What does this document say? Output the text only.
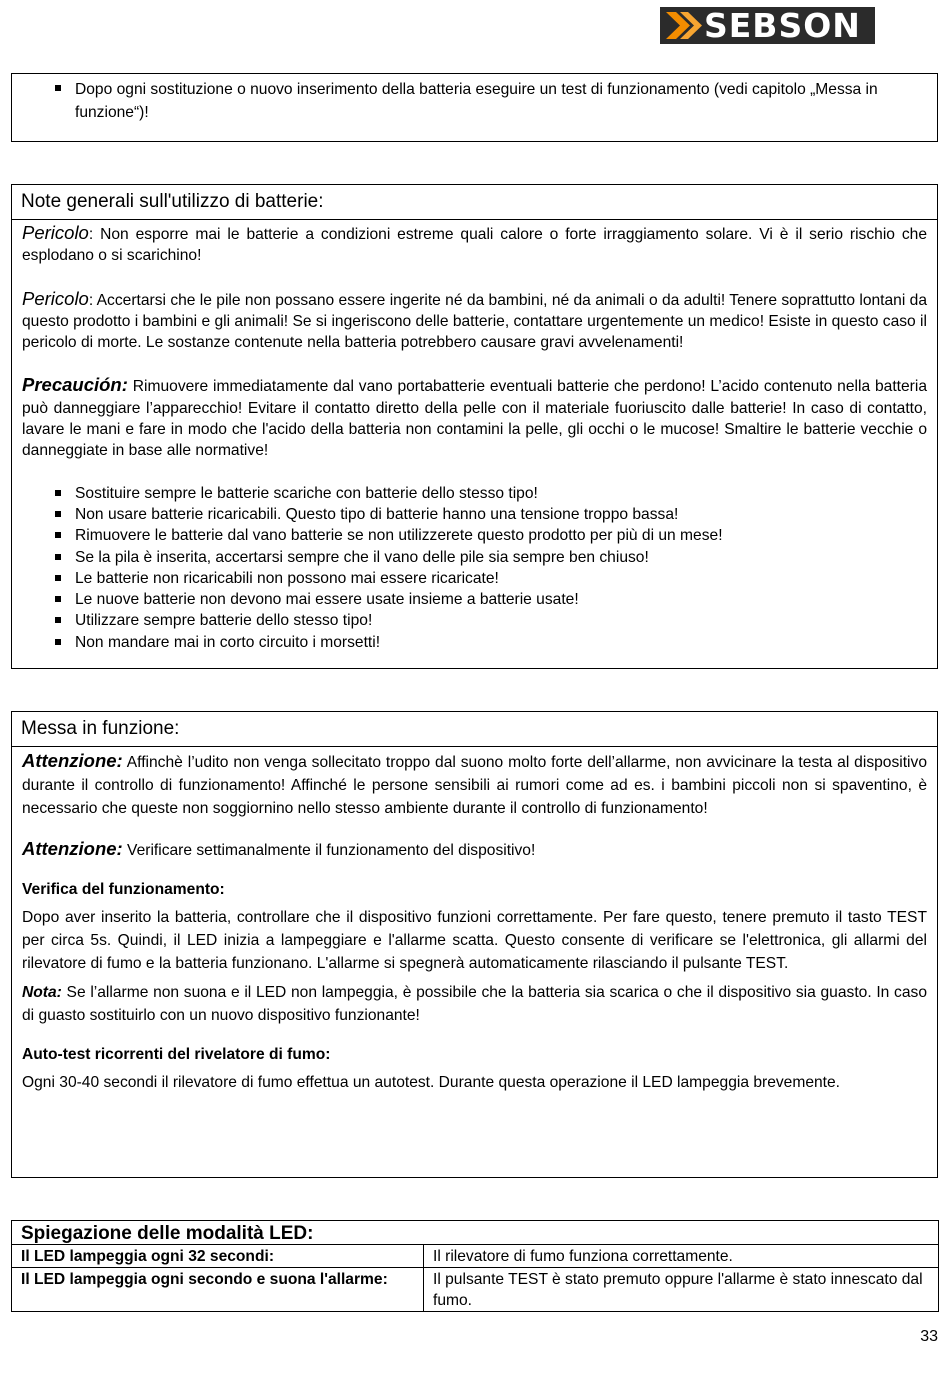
SEBSON
Dopo ogni sostituzione o nuovo inserimento della batteria eseguire un test di funzionamento (vedi capitolo „Messa in funzione“)!
Note generali sull'utilizzo di batterie:

Pericolo: Non esporre mai le batterie a condizioni estreme quali calore o forte irraggiamento solare. Vi è il serio rischio che esplodano o si scarichino!

Pericolo: Accertarsi che le pile non possano essere ingerite né da bambini, né da animali o da adulti! Tenere soprattutto lontani da questo prodotto i bambini e gli animali! Se si ingeriscono delle batterie, contattare urgentemente un medico! Esiste in questo caso il pericolo di morte. Le sostanze contenute nella batteria potrebbero causare gravi avvelenamenti!

Precaución: Rimuovere immediatamente dal vano portabatterie eventuali batterie che perdono! L’acido contenuto nella batteria può danneggiare l’apparecchio! Evitare il contatto diretto della pelle con il materiale fuoriuscito dalle batterie! In caso di contatto, lavare le mani e fare in modo che l'acido della batteria non contamini la pelle, gli occhi o le mucose! Smaltire le batterie vecchie o danneggiate in base alle normative!

Sostituire sempre le batterie scariche con batterie dello stesso tipo!
Non usare batterie ricaricabili. Questo tipo di batterie hanno una tensione troppo bassa!
Rimuovere le batterie dal vano batterie se non utilizzerete questo prodotto per più di un mese!
Se la pila è inserita, accertarsi sempre che il vano delle pile sia sempre ben chiuso!
Le batterie non ricaricabili non possono mai essere ricaricate!
Le nuove batterie non devono mai essere usate insieme a batterie usate!
Utilizzare sempre batterie dello stesso tipo!
Non mandare mai in corto circuito i morsetti!
Messa in funzione:

Attenzione: Affinchè l’udito non venga sollecitato troppo dal suono molto forte dell’allarme, non avvicinare la testa al dispositivo durante il controllo di funzionamento! Affinché le persone sensibili ai rumori come ad es. i bambini piccoli non si spaventino, è necessario che queste non soggiornino nello stesso ambiente durante il controllo di funzionamento!

Attenzione: Verificare settimanalmente il funzionamento del dispositivo!

Verifica del funzionamento:

Dopo aver inserito la batteria, controllare che il dispositivo funzioni correttamente. Per fare questo, tenere premuto il tasto TEST per circa 5s. Quindi, il LED inizia a lampeggiare e l'allarme scatta. Questo consente di verificare se l'elettronica, gli allarmi del rilevatore di fumo e la batteria funzionano. L'allarme si spegnerà automaticamente rilasciando il pulsante TEST.

Nota: Se l’allarme non suona e il LED non lampeggia, è possibile che la batteria sia scarica o che il dispositivo sia guasto. In caso di guasto sostituirlo con un nuovo dispositivo funzionante!

Auto-test ricorrenti del rivelatore di fumo:

Ogni 30-40 secondi il rilevatore di fumo effettua un autotest. Durante questa operazione il LED lampeggia brevemente.

Spiegazione delle modalità LED:	
Il LED lampeggia ogni 32 secondi:	Il rilevatore di fumo funziona correttamente.
Il LED lampeggia ogni secondo e suona l'allarme:	Il pulsante TEST è stato premuto oppure l'allarme è stato innescato dal fumo.
33
